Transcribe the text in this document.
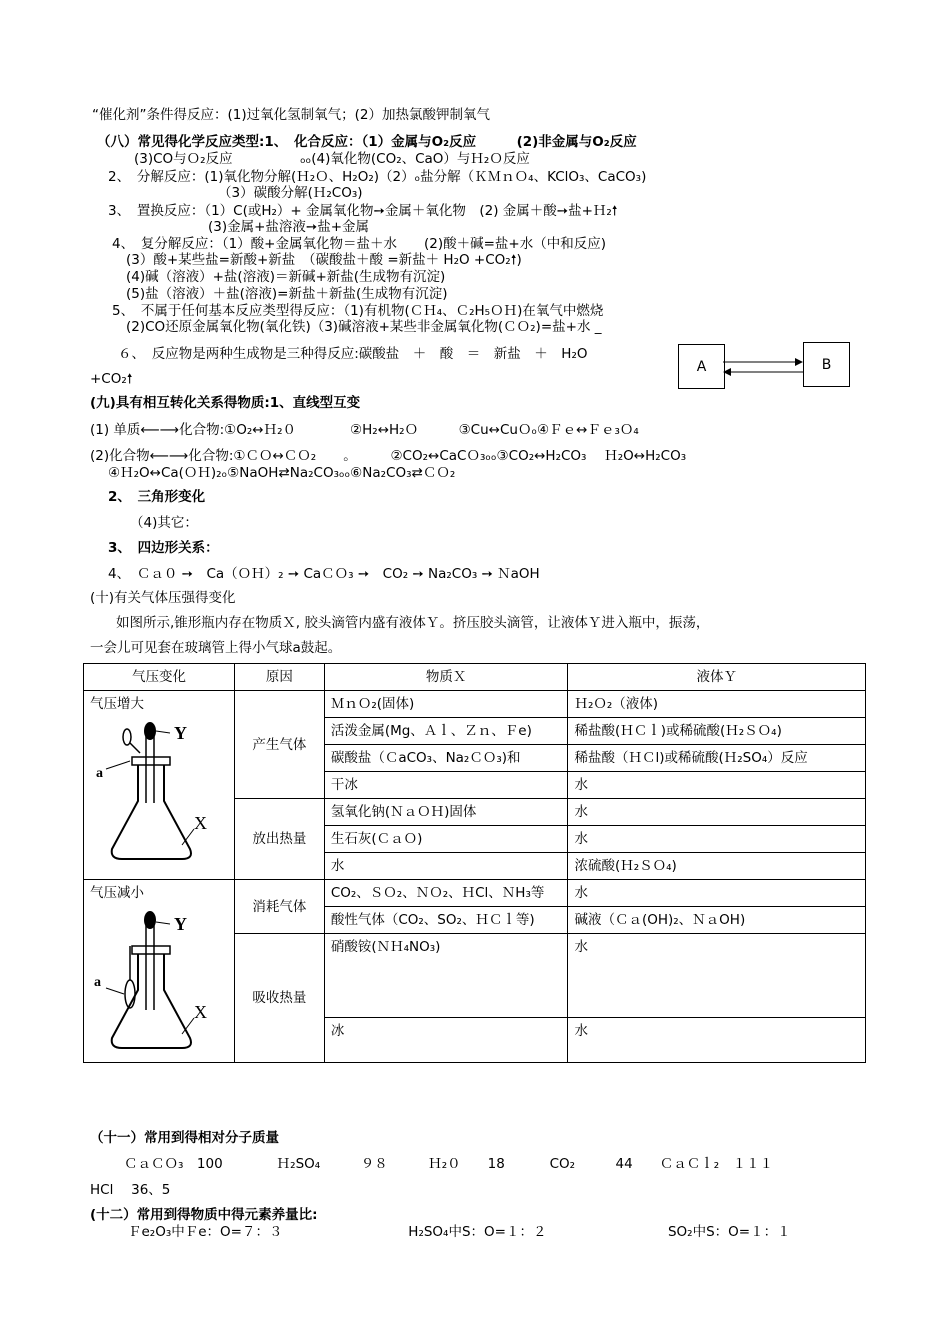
“催化剂”条件得反应：(1)过氧化氢制氧气；(2）加热氯酸钾制氧气
（八）常见得化学反应类型:1、　化合反应：（1）金属与O₂反应　　　(2)非金属与O₂反应
(3)CO与Ｏ₂反应　　　　　ₒₒ(4)氧化物(CO₂、CaO）与Ｈ₂Ｏ反应
2、　分解反应：(1)氧化物分解(Ｈ₂Ｏ、H₂O₂)（2）ₒ盐分解（ＫＭｎＯ₄、KClO₃、CaCO₃)
（3）碳酸分解(Ｈ₂CO₃)
3、　置换反应：（1）C(或H₂）+ 金属氧化物➙金属＋氧化物　(2) 金属＋酸➙盐+Ｈ₂🠕
(3)金属+盐溶液➙盐+金属
4、　复分解反应：（1）酸+金属氧化物＝盐＋水　　(2)酸＋碱=盐+水（中和反应)
(3）酸+某些盐=新酸+新盐　（碳酸盐＋酸 =新盐＋ H₂O +CO₂🠕)
(4)碱（溶液）+盐(溶液)＝新碱+新盐(生成物有沉淀)
(5)盐（溶液）＋盐(溶液)=新盐＋新盐(生成物有沉淀)
5、　不属于任何基本反应类型得反应：（1)有机物(ＣＨ₄、Ｃ₂H₅ＯＨ)在氧气中燃烧
(2)CO还原金属氧化物(氧化铁)（3)碱溶液+某些非金属氧化物(ＣＯ₂)=盐+水 _
６、　反应物是两种生成物是三种得反应:碳酸盐　＋　酸　＝　新盐　＋　H₂O
+CO₂🠕
A	B
(九)具有相互转化关系得物质:1、直线型互变
(1) 单质⟵⟶化合物:①O₂↔Ｈ₂０　　　　②H₂↔H₂Ｏ　　　③Cu↔CuＯₒ④Ｆｅ↔Ｆｅ₃Ｏ₄
(2)化合物⟵⟶化合物:①ＣＯ↔ＣＯ₂　　。　　　②CO₂↔CaCＯ₃ₒₒ③CO₂↔H₂CO₃　 Ｈ₂O↔H₂CO₃
④Ｈ₂O↔Ca(ＯＨ)₂ₒ⑤NaOH⇄Na₂CO₃ₒₒ⑥Na₂CO₃⇄ＣＯ₂
2、　三角形变化
（4)其它：
3、　四边形关系：
4、　Ｃａ０ ➙　Ca（ＯＨ）₂ ➙ CaＣＯ₃ ➙　CO₂ ➙ Na₂CO₃ ➙ ＮaOH
(十)有关气体压强得变化
如图所示,锥形瓶内存在物质Ｘ, 胶头滴管内盛有液体Ｙ。挤压胶头滴管，让液体Ｙ进入瓶中，振荡，
一会儿可见套在玻璃管上得小气球a鼓起。
气压变化	原因	物质Ｘ	液体Ｙ

气压增大
Y
a
X	产生气体	ＭｎＯ₂(固体)	Ｈ₂Ｏ₂（液体)
		活泼金属(Mg、Ａｌ、Ｚｎ、Ｆe)	稀盐酸(ＨＣｌ)或稀硫酸(Ｈ₂ＳＯ₄)
		碳酸盐（ＣaCO₃、Na₂ＣＯ₃)和	稀盐酸（ＨＣl)或稀硫酸(Ｈ₂SO₄）反应
		干冰	水
	放出热量	氢氧化钠(ＮａＯＨ)固体	水
		生石灰(ＣａＯ)	水
		水	浓硫酸(Ｈ₂ＳＯ₄)

气压减小
Y
a
X	消耗气体	CO₂、ＳＯ₂、ＮＯ₂、ＨCl、ＮH₃等	水
		酸性气体（CO₂、SO₂、ＨＣｌ等)	碱液（Ｃａ(OH)₂、ＮａOH)
	吸收热量	硝酸铵(ＮＨ₄NO₃)	水
		冰	水
（十一）常用到得相对分子质量
ＣａＣＯ₃　100　　　　Ｈ₂SO₄　　　９８　　　Ｈ₂０　　18　　　 CO₂　　　44　　ＣａＣｌ₂　１１１
HCl　 36、5
(十二）常用到得物质中得元素养量比:
Ｆe₂O₃中Ｆe：O=７：３　　　　　　　　　 H₂SO₄中S：O=１：２　　　　　　　　　SO₂中S：O=１：１
